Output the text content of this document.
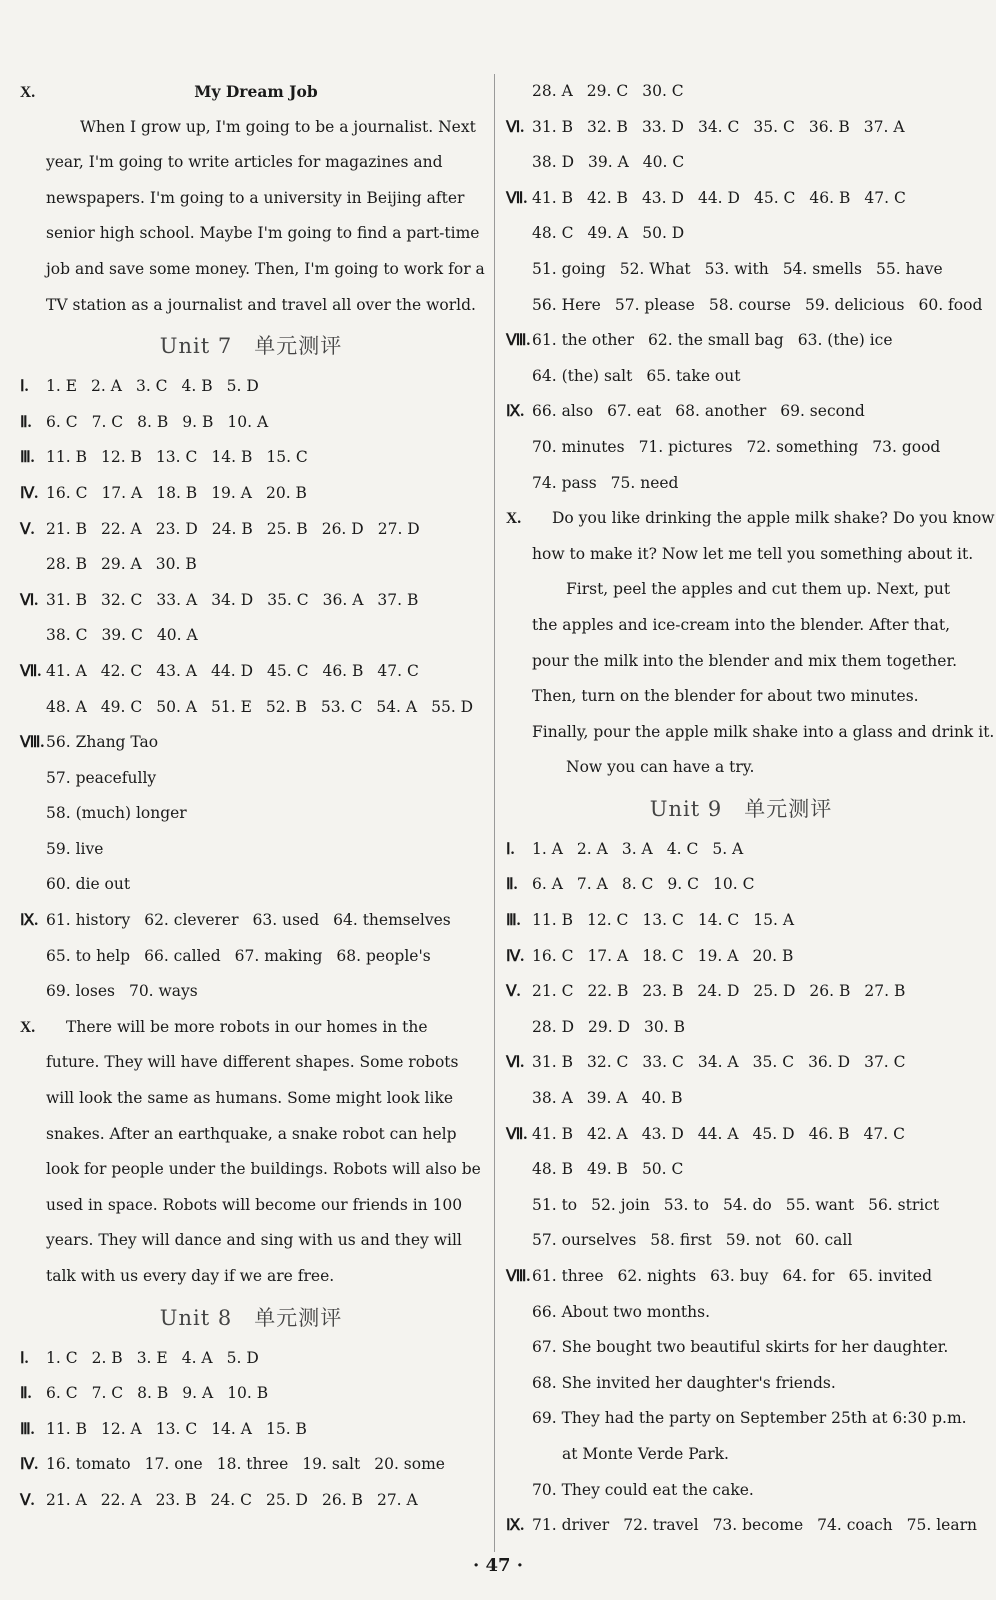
X.	My Dream Job
When I grow up, I'm going to be a journalist. Next
year, I'm going to write articles for magazines and
newspapers. I'm going to a university in Beijing after
senior high school. Maybe I'm going to find a part-time
job and save some money. Then, I'm going to work for a
TV station as a journalist and travel all over the world.
Unit 7 单元测评
Ⅰ. 1. E 2. A 3. C 4. B 5. D
Ⅱ. 6. C 7. C 8. B 9. B 10. A
Ⅲ. 11. B 12. B 13. C 14. B 15. C
Ⅳ. 16. C 17. A 18. B 19. A 20. B
Ⅴ. 21. B 22. A 23. D 24. B 25. B 26. D 27. D
28. B 29. A 30. B
Ⅵ. 31. B 32. C 33. A 34. D 35. C 36. A 37. B
38. C 39. C 40. A
Ⅶ. 41. A 42. C 43. A 44. D 45. C 46. B 47. C
48. A 49. C 50. A 51. E 52. B 53. C 54. A 55. D
Ⅷ. 56. Zhang Tao
57. peacefully
58. (much) longer
59. live
60. die out
Ⅸ. 61. history 62. cleverer 63. used 64. themselves
65. to help 66. called 67. making 68. people's
69. loses 70. ways
X. There will be more robots in our homes in the
future. They will have different shapes. Some robots
will look the same as humans. Some might look like
snakes. After an earthquake, a snake robot can help
look for people under the buildings. Robots will also be
used in space. Robots will become our friends in 100
years. They will dance and sing with us and they will
talk with us every day if we are free.
Unit 8 单元测评
Ⅰ. 1. C 2. B 3. E 4. A 5. D
Ⅱ. 6. C 7. C 8. B 9. A 10. B
Ⅲ. 11. B 12. A 13. C 14. A 15. B
Ⅳ. 16. tomato 17. one 18. three 19. salt 20. some
Ⅴ. 21. A 22. A 23. B 24. C 25. D 26. B 27. A
28. A 29. C 30. C
Ⅵ. 31. B 32. B 33. D 34. C 35. C 36. B 37. A
38. D 39. A 40. C
Ⅶ. 41. B 42. B 43. D 44. D 45. C 46. B 47. C
48. C 49. A 50. D
51. going 52. What 53. with 54. smells 55. have
56. Here 57. please 58. course 59. delicious 60. food
Ⅷ. 61. the other 62. the small bag 63. (the) ice
64. (the) salt 65. take out
Ⅸ. 66. also 67. eat 68. another 69. second
70. minutes 71. pictures 72. something 73. good
74. pass 75. need
X. Do you like drinking the apple milk shake? Do you know
how to make it? Now let me tell you something about it.
First, peel the apples and cut them up. Next, put
the apples and ice-cream into the blender. After that,
pour the milk into the blender and mix them together.
Then, turn on the blender for about two minutes.
Finally, pour the apple milk shake into a glass and drink it.
Now you can have a try.
Unit 9 单元测评
Ⅰ. 1. A 2. A 3. A 4. C 5. A
Ⅱ. 6. A 7. A 8. C 9. C 10. C
Ⅲ. 11. B 12. C 13. C 14. C 15. A
Ⅳ. 16. C 17. A 18. C 19. A 20. B
Ⅴ. 21. C 22. B 23. B 24. D 25. D 26. B 27. B
28. D 29. D 30. B
Ⅵ. 31. B 32. C 33. C 34. A 35. C 36. D 37. C
38. A 39. A 40. B
Ⅶ. 41. B 42. A 43. D 44. A 45. D 46. B 47. C
48. B 49. B 50. C
51. to 52. join 53. to 54. do 55. want 56. strict
57. ourselves 58. first 59. not 60. call
Ⅷ. 61. three 62. nights 63. buy 64. for 65. invited
66. About two months.
67. She bought two beautiful skirts for her daughter.
68. She invited her daughter's friends.
69. They had the party on September 25th at 6:30 p.m.
at Monte Verde Park.
70. They could eat the cake.
Ⅸ. 71. driver 72. travel 73. become 74. coach 75. learn
· 47 ·
